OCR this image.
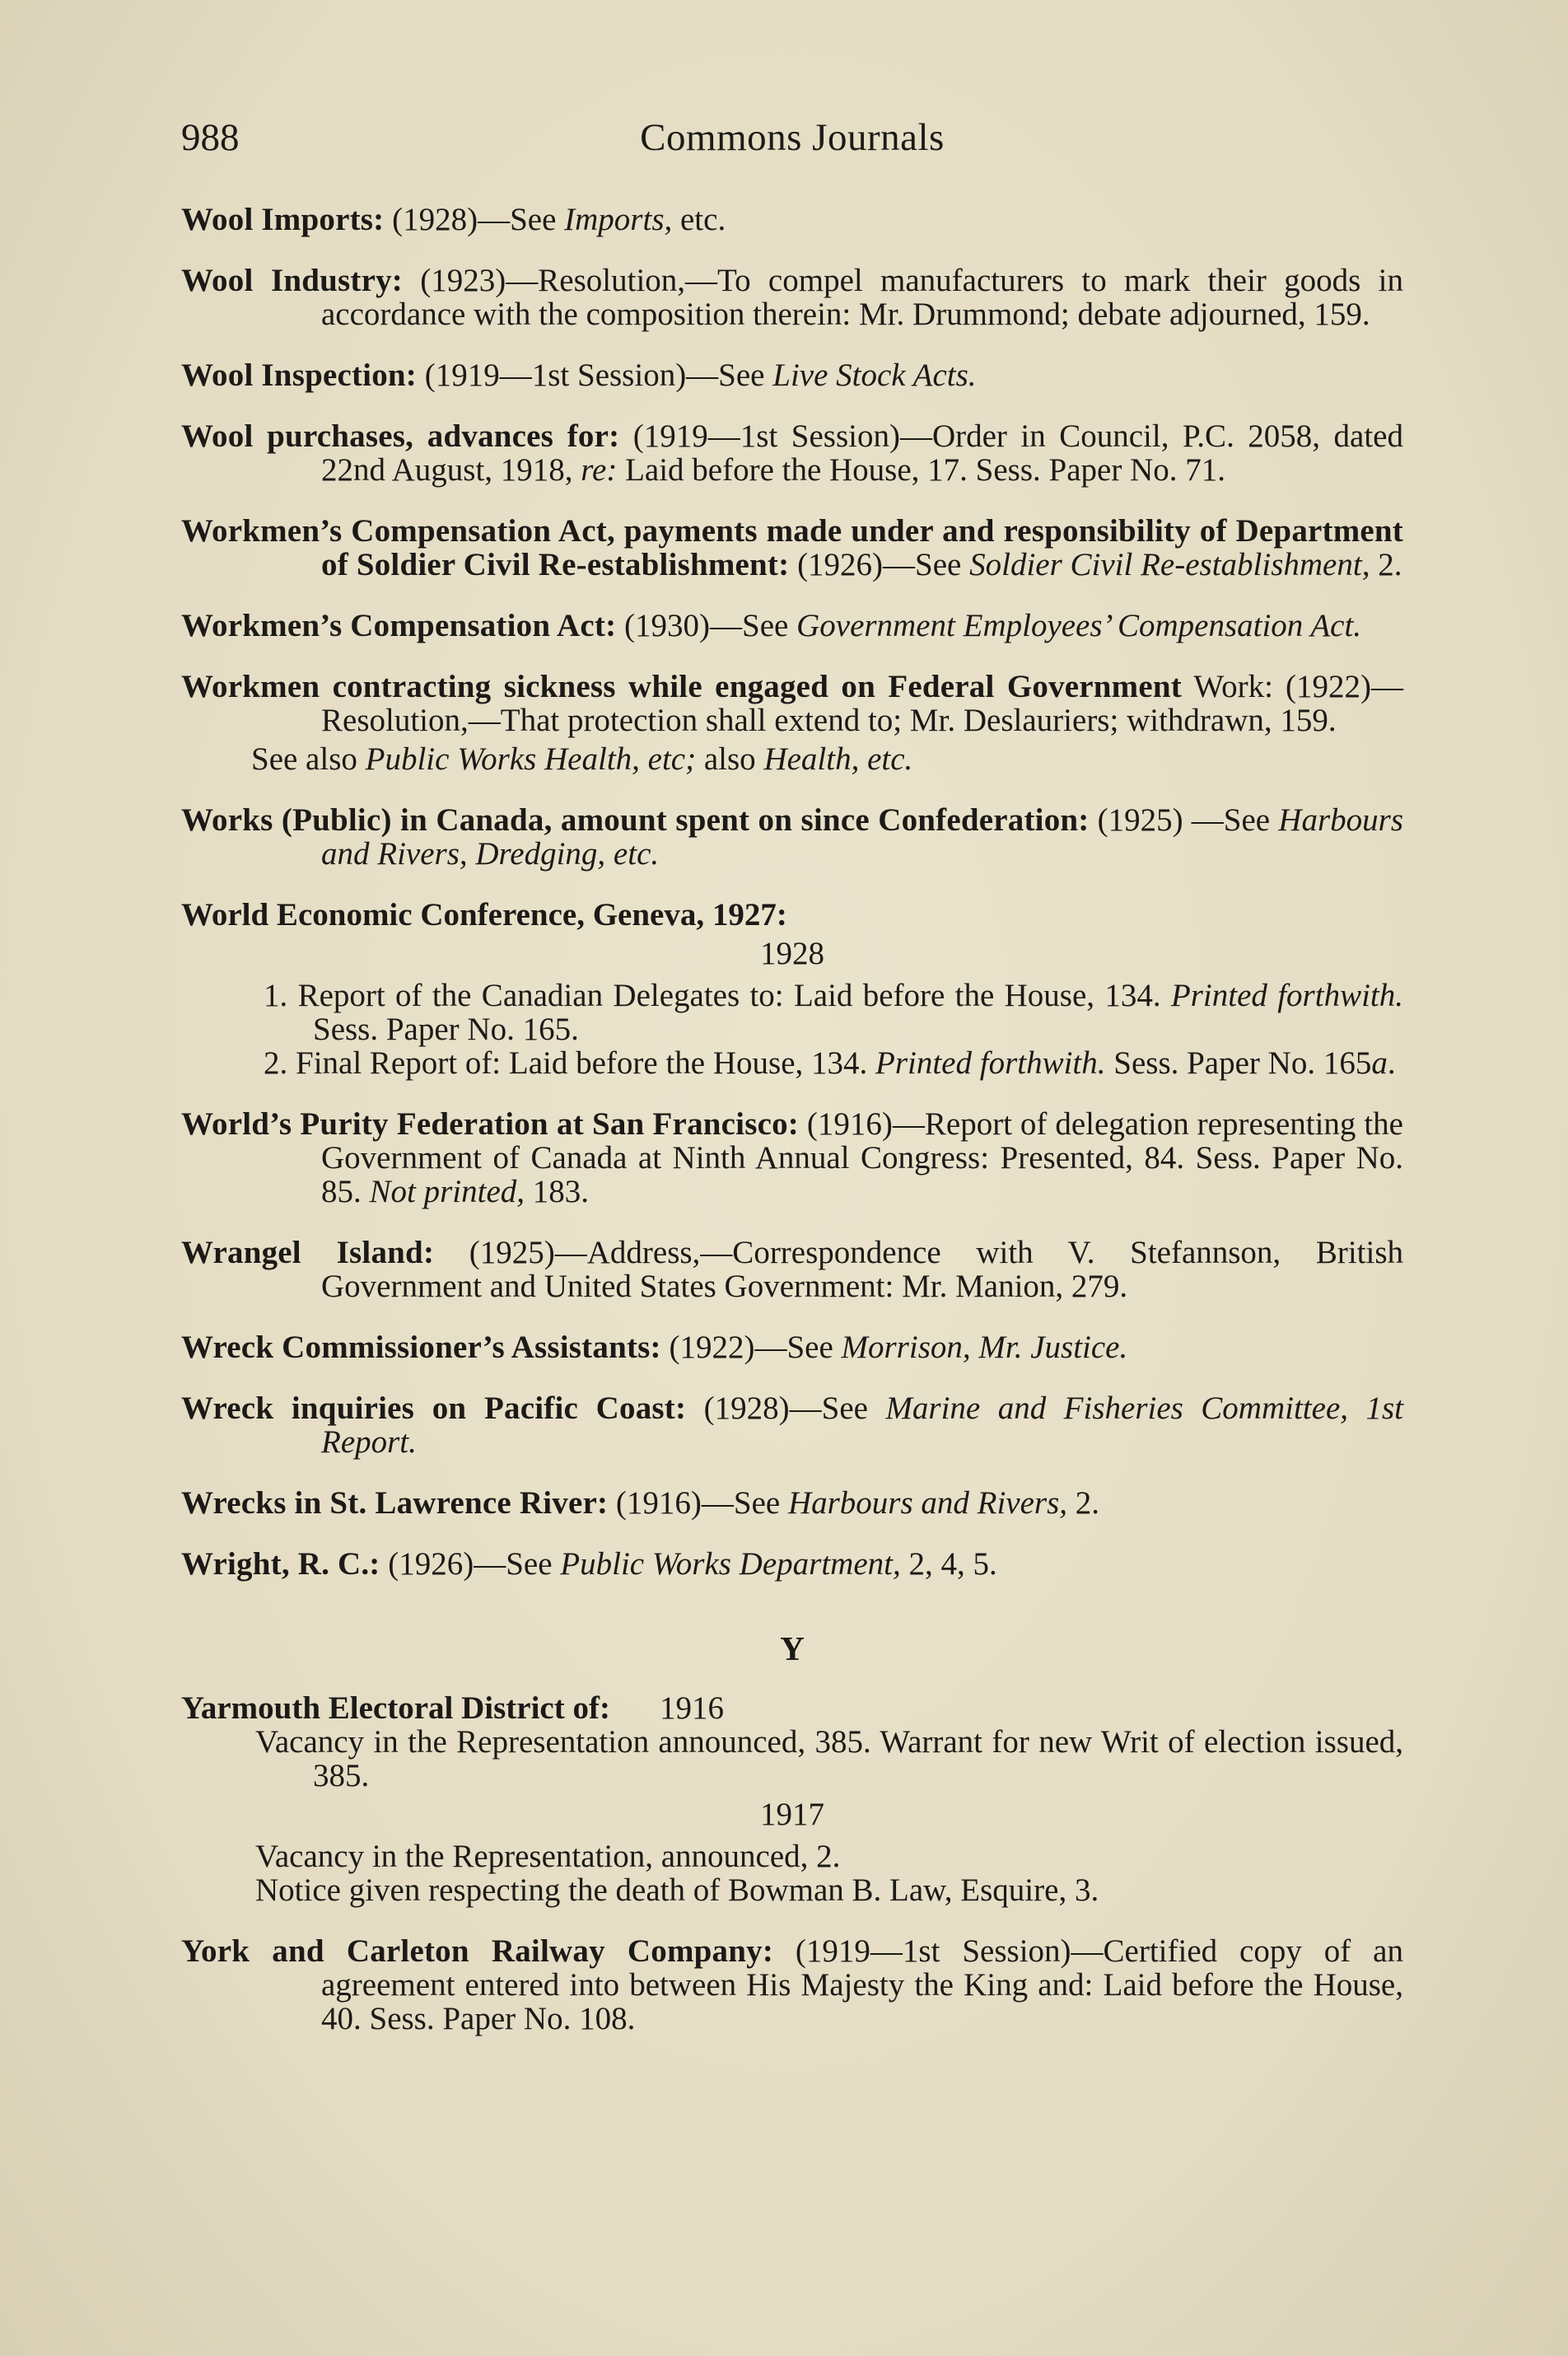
988	Commons Journals
Wool Imports: (1928)—See Imports, etc.
Wool Industry: (1923)—Resolution,—To compel manufacturers to mark their goods in accordance with the composition therein: Mr. Drummond; debate adjourned, 159.
Wool Inspection: (1919—1st Session)—See Live Stock Acts.
Wool purchases, advances for: (1919—1st Session)—Order in Council, P.C. 2058, dated 22nd August, 1918, re: Laid before the House, 17. Sess. Paper No. 71.
Workmen’s Compensation Act, payments made under and responsibility of Department of Soldier Civil Re-establishment: (1926)—See Soldier Civil Re-establishment, 2.
Workmen’s Compensation Act: (1930)—See Government Employees’ Compensation Act.
Workmen contracting sickness while engaged on Federal Government Work: (1922)—Resolution,—That protection shall extend to; Mr. Deslauriers; withdrawn, 159.
See also Public Works Health, etc; also Health, etc.
Works (Public) in Canada, amount spent on since Confederation: (1925) —See Harbours and Rivers, Dredging, etc.
World Economic Conference, Geneva, 1927:
1928
1. Report of the Canadian Delegates to: Laid before the House, 134. Printed forthwith. Sess. Paper No. 165.
2. Final Report of: Laid before the House, 134. Printed forthwith. Sess. Paper No. 165a.
World’s Purity Federation at San Francisco: (1916)—Report of delegation representing the Government of Canada at Ninth Annual Congress: Presented, 84. Sess. Paper No. 85. Not printed, 183.
Wrangel Island: (1925)—Address,—Correspondence with V. Stefannson, British Government and United States Government: Mr. Manion, 279.
Wreck Commissioner’s Assistants: (1922)—See Morrison, Mr. Justice.
Wreck inquiries on Pacific Coast: (1928)—See Marine and Fisheries Committee, 1st Report.
Wrecks in St. Lawrence River: (1916)—See Harbours and Rivers, 2.
Wright, R. C.: (1926)—See Public Works Department, 2, 4, 5.
Y
Yarmouth Electoral District of: 1916
Vacancy in the Representation announced, 385. Warrant for new Writ of election issued, 385.
1917
Vacancy in the Representation, announced, 2.
Notice given respecting the death of Bowman B. Law, Esquire, 3.
York and Carleton Railway Company: (1919—1st Session)—Certified copy of an agreement entered into between His Majesty the King and: Laid before the House, 40. Sess. Paper No. 108.
